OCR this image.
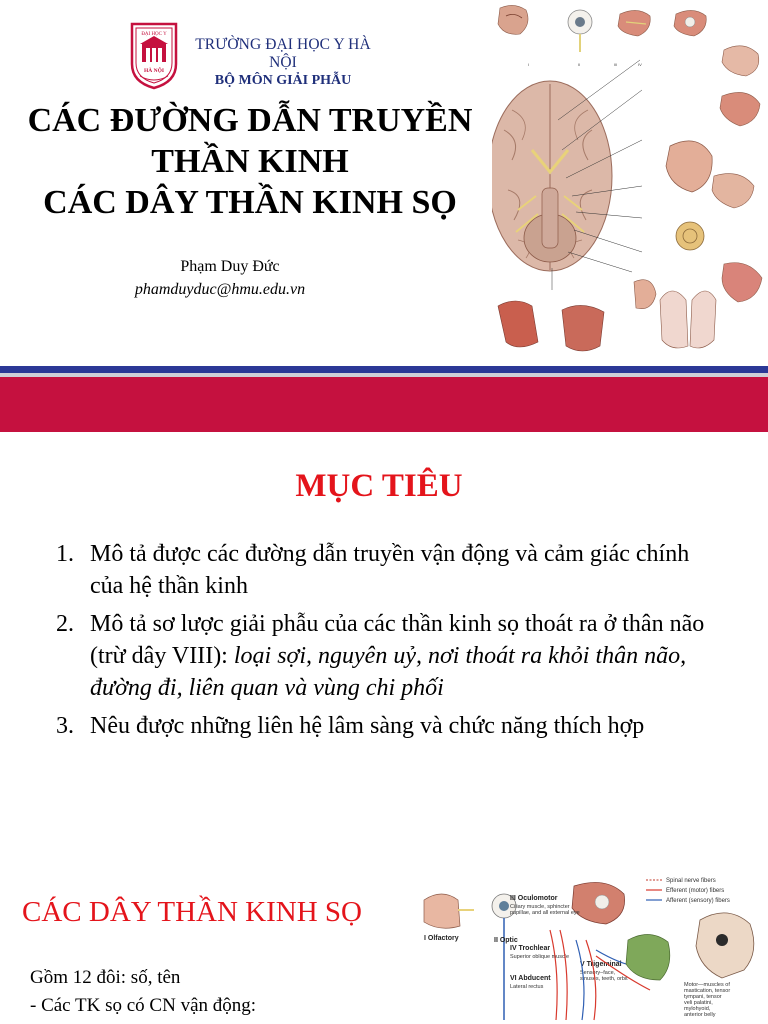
ĐẠI HỌC Y
HÀ NỘI
TRƯỜNG ĐẠI HỌC Y HÀ NỘI
BỘ MÔN GIẢI PHẪU
CÁC ĐƯỜNG DẪN TRUYỀN
THẦN KINH
CÁC DÂY THẦN KINH SỌ
Phạm Duy Đức
phamduyduc@hmu.edu.vn
I	II	III	IV
MỤC TIÊU
1. Mô tả được các đường dẫn truyền vận động và cảm giác chính của hệ thần kinh
2. Mô tả sơ lược giải phẫu của các thần kinh sọ thoát ra ở thân não (trừ dây VIII): loại sợi, nguyên uỷ, nơi thoát ra khỏi thân não, đường đi, liên quan và vùng chi phối
3. Nêu được những liên hệ lâm sàng và chức năng thích hợp
CÁC DÂY THẦN KINH SỌ
Gồm 12 đôi: số, tên
- Các TK sọ có CN vận động:
Spinal nerve fibers
Efferent (motor) fibers
Afferent (sensory) fibers
I Olfactory	II Optic
III Oculomotor
Ciliary muscle, sphincter
pupillae, and all external eye
IV Trochlear
Superior oblique muscle
VI Abducent
Lateral rectus
V Trigeminal
Sensory–face,
sinuses, teeth, orbit
Motor—muscles of
mastication, tensor
tympani, tensor
veli palatini,
mylohyoid,
anterior belly
